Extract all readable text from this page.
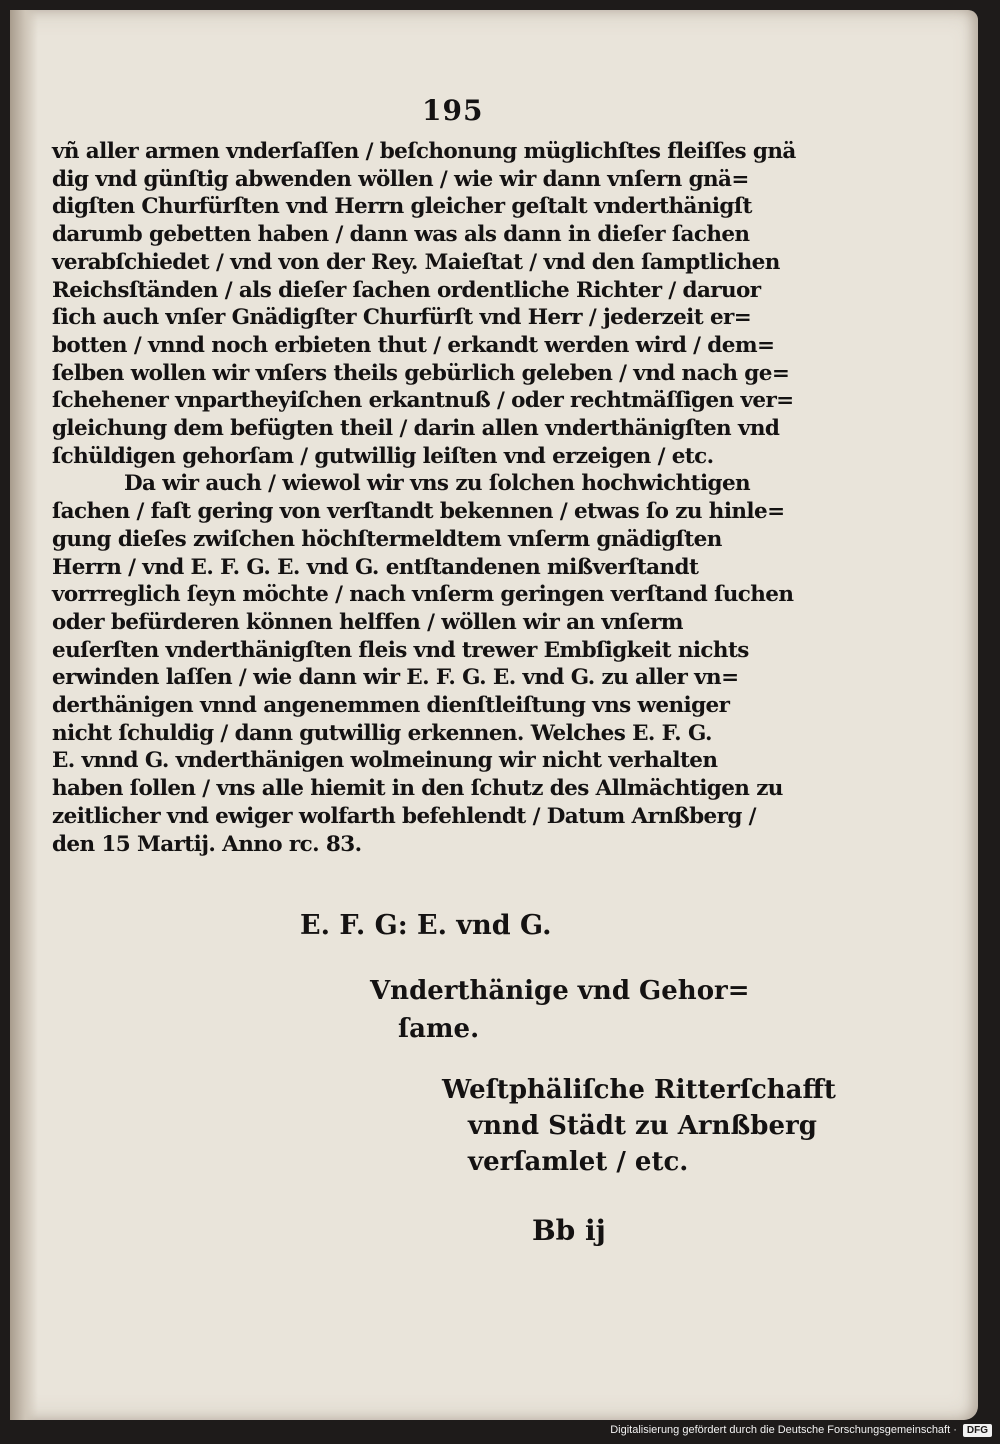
195
vñ aller armen vnderſaſſen / beſchonung müglichſtes fleiſſes gnä
dig vnd günſtig abwenden wöllen / wie wir dann vnſern gnä=
digſten Churfürſten vnd Herrn gleicher geſtalt vnderthänigſt
darumb gebetten haben / dann was als dann in dieſer ſachen
verabſchiedet / vnd von der Rey. Maieſtat / vnd den ſamptlichen
Reichsſtänden / als dieſer ſachen ordentliche Richter / daruor
ſich auch vnſer Gnädigſter Churfürſt vnd Herr / jederzeit er=
botten / vnnd noch erbieten thut / erkandt werden wird / dem=
ſelben wollen wir vnſers theils gebürlich geleben / vnd nach ge=
ſchehener vnpartheyiſchen erkantnuß / oder rechtmäſſigen ver=
gleichung dem befügten theil / darin allen vnderthänigſten vnd
ſchüldigen gehorſam / gutwillig leiſten vnd erzeigen / etc.
Da wir auch / wiewol wir vns zu ſolchen hochwichtigen
ſachen / faſt gering von verſtandt bekennen / etwas ſo zu hinle=
gung dieſes zwiſchen höchſtermeldtem vnſerm gnädigſten
Herrn / vnd E. F. G. E. vnd G. entſtandenen mißverſtandt
vorrreglich ſeyn möchte / nach vnſerm geringen verſtand ſuchen
oder befürderen können helffen / wöllen wir an vnſerm
euſerſten vnderthänigſten fleis vnd trewer Embſigkeit nichts
erwinden laſſen / wie dann wir E. F. G. E. vnd G. zu aller vn=
derthänigen vnnd angenemmen dienſtleiſtung vns weniger
nicht ſchuldig / dann gutwillig erkennen. Welches E. F. G.
E. vnnd G. vnderthänigen wolmeinung wir nicht verhalten
haben ſollen / vns alle hiemit in den ſchutz des Allmächtigen zu
zeitlicher vnd ewiger wolfarth befehlendt / Datum Arnßberg /
den 15 Martij. Anno rc. 83.
E. F. G: E. vnd G.
Vnderthänige vnd Gehor=
ſame.
Weſtphäliſche Ritterſchafft
vnnd Städt zu Arnßberg
verſamlet / etc.
Bb ij
Digitalisierung gefördert durch die Deutsche Forschungsgemeinschaft ·	DFG
